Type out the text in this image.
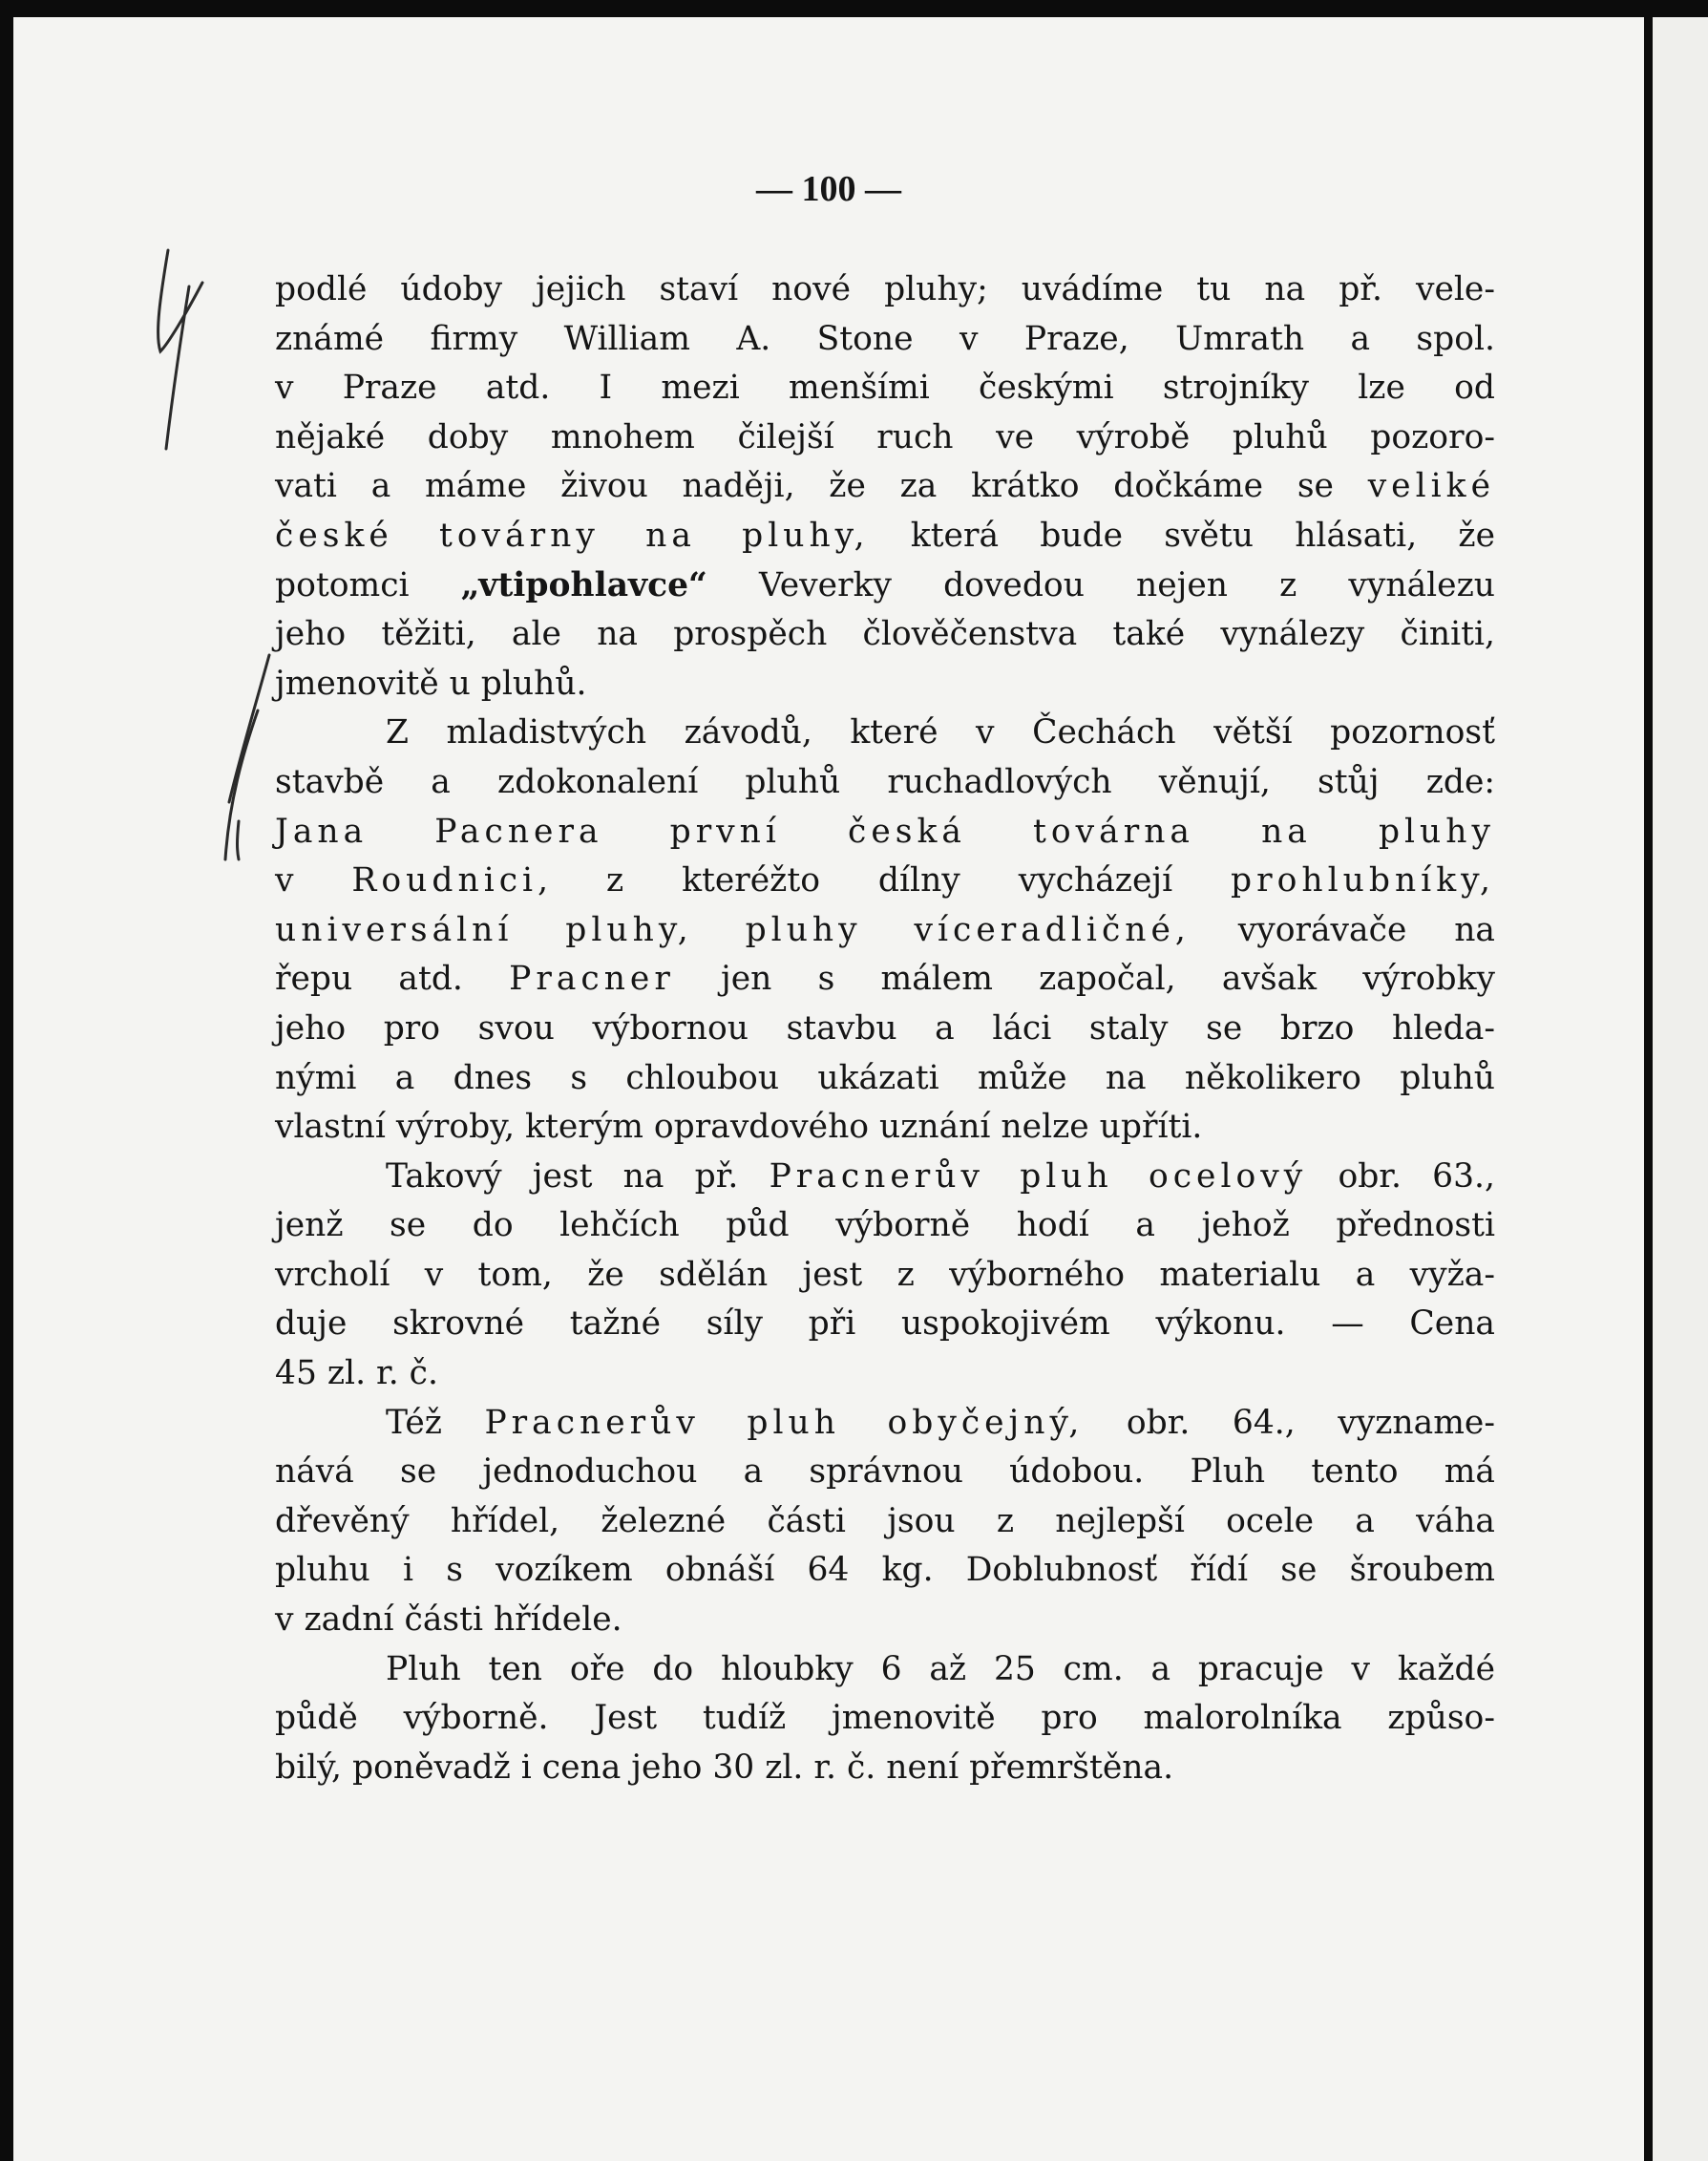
— 100 —
podlé údoby jejich staví nové pluhy; uvádíme tu na př. vele-
známé firmy William A. Stone v Praze, Umrath a spol.
v Praze atd. I mezi menšími českými strojníky lze od
nějaké doby mnohem čilejší ruch ve výrobě pluhů pozoro-
vati a máme živou naději, že za krátko dočkáme se veliké
české továrny na pluhy, která bude světu hlásati, že
potomci „vtipohlavce“ Veverky dovedou nejen z vynálezu
jeho těžiti, ale na prospěch člověčenstva také vynálezy činiti,
jmenovitě u pluhů.
Z mladistvých závodů, které v Čechách větší pozornosť
stavbě a zdokonalení pluhů ruchadlových věnují, stůj zde:
Jana Pacnera první česká továrna na pluhy
v Roudnici, z kteréžto dílny vycházejí prohlubníky,
universální pluhy, pluhy víceradličné, vyorávače na
řepu atd. Pracner jen s málem započal, avšak výrobky
jeho pro svou výbornou stavbu a láci staly se brzo hleda-
nými a dnes s chloubou ukázati může na několikero pluhů
vlastní výroby, kterým opravdového uznání nelze upříti.
Takový jest na př. Pracnerův pluh ocelový obr. 63.,
jenž se do lehčích půd výborně hodí a jehož přednosti
vrcholí v tom, že sdělán jest z výborného materialu a vyža-
duje skrovné tažné síly při uspokojivém výkonu. — Cena
45 zl. r. č.
Též Pracnerův pluh obyčejný, obr. 64., vyzname-
nává se jednoduchou a správnou údobou. Pluh tento má
dřevěný hřídel, železné části jsou z nejlepší ocele a váha
pluhu i s vozíkem obnáší 64 kg. Doblubnosť řídí se šroubem
v zadní části hřídele.
Pluh ten oře do hloubky 6 až 25 cm. a pracuje v každé
půdě výborně. Jest tudíž jmenovitě pro malorolníka způso-
bilý, poněvadž i cena jeho 30 zl. r. č. není přemrštěna.
